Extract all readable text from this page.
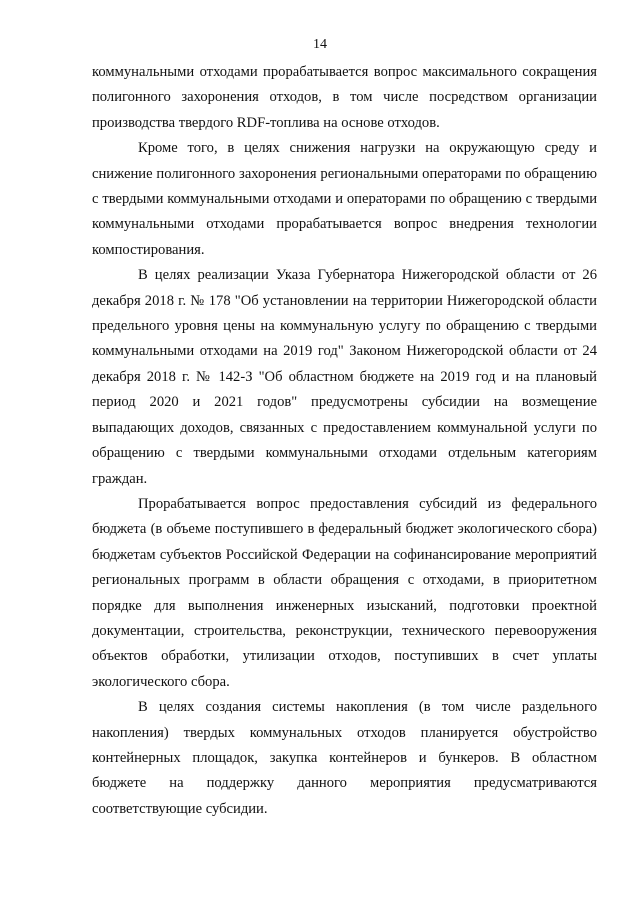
14

коммунальными отходами прорабатывается вопрос максимального сокращения полигонного захоронения отходов, в том числе посредством организации производства твердого RDF-топлива на основе отходов.

Кроме того, в целях снижения нагрузки на окружающую среду и снижение полигонного захоронения региональными операторами по обращению с твердыми коммунальными отходами и операторами по обращению с твердыми коммунальными отходами прорабатывается вопрос внедрения технологии компостирования.

В целях реализации Указа Губернатора Нижегородской области от 26 декабря 2018 г. № 178 "Об установлении на территории Нижегородской области предельного уровня цены на коммунальную услугу по обращению с твердыми коммунальными отходами на 2019 год" Законом Нижегородской области от 24 декабря 2018 г. № 142-З "Об областном бюджете на 2019 год и на плановый период 2020 и 2021 годов" предусмотрены субсидии на возмещение выпадающих доходов, связанных с предоставлением коммунальной услуги по обращению с твердыми коммунальными отходами отдельным категориям граждан.

Прорабатывается вопрос предоставления субсидий из федерального бюджета (в объеме поступившего в федеральный бюджет экологического сбора) бюджетам субъектов Российской Федерации на софинансирование мероприятий региональных программ в области обращения с отходами, в приоритетном порядке для выполнения инженерных изысканий, подготовки проектной документации, строительства, реконструкции, технического перевооружения объектов обработки, утилизации отходов, поступивших в счет уплаты экологического сбора.

В целях создания системы накопления (в том числе раздельного накопления) твердых коммунальных отходов планируется обустройство контейнерных площадок, закупка контейнеров и бункеров. В областном бюджете на поддержку данного мероприятия предусматриваются соответствующие субсидии.
